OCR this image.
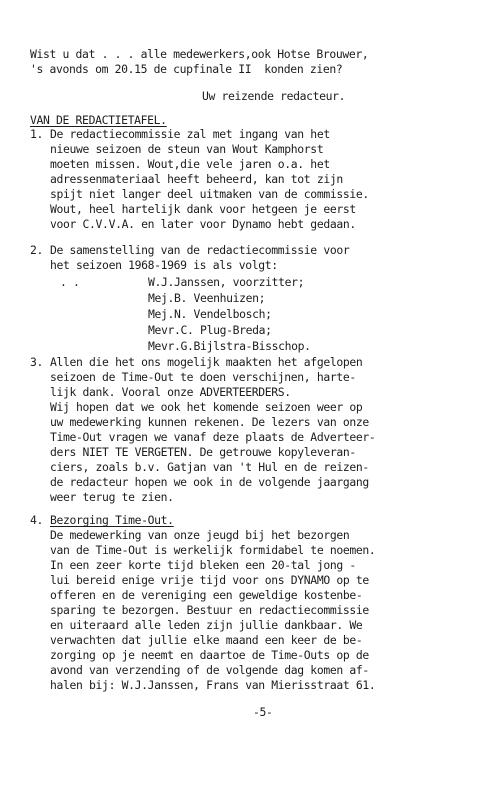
Wist u dat . . . alle medewerkers,ook Hotse Brouwer,
's avonds om 20.15 de cupfinale II  konden zien?
Uw reizende redacteur.
VAN DE REDACTIETAFEL.
1. De redactiecommissie zal met ingang van het
nieuwe seizoen de steun van Wout Kamphorst
moeten missen. Wout,die vele jaren o.a. het
adressenmateriaal heeft beheerd, kan tot zijn
spijt niet langer deel uitmaken van de commissie.
Wout, heel hartelijk dank voor hetgeen je eerst
voor C.V.V.A. en later voor Dynamo hebt gedaan.
2. De samenstelling van de redactiecommissie voor
het seizoen 1968-1969 is als volgt:
. .	W.J.Janssen, voorzitter;
Mej.B. Veenhuizen;
Mej.N. Vendelbosch;
Mevr.C. Plug-Breda;
Mevr.G.Bijlstra-Bisschop.
3. Allen die het ons mogelijk maakten het afgelopen
seizoen de Time-Out te doen verschijnen, harte-
lijk dank. Vooral onze ADVERTEERDERS.
Wij hopen dat we ook het komende seizoen weer op
uw medewerking kunnen rekenen. De lezers van onze
Time-Out vragen we vanaf deze plaats de Adverteer-
ders NIET TE VERGETEN. De getrouwe kopyleveran-
ciers, zoals b.v. Gatjan van 't Hul en de reizen-
de redacteur hopen we ook in de volgende jaargang
weer terug te zien.
4. Bezorging Time-Out.
De medewerking van onze jeugd bij het bezorgen
van de Time-Out is werkelijk formidabel te noemen.
In een zeer korte tijd bleken een 20-tal jong -
lui bereid enige vrije tijd voor ons DYNAMO op te
offeren en de vereniging een geweldige kostenbe-
sparing te bezorgen. Bestuur en redactiecommissie
en uiteraard alle leden zijn jullie dankbaar. We
verwachten dat jullie elke maand een keer de be-
zorging op je neemt en daartoe de Time-Outs op de
avond van verzending of de volgende dag komen af-
halen bij: W.J.Janssen, Frans van Mierisstraat 61.
-5-
